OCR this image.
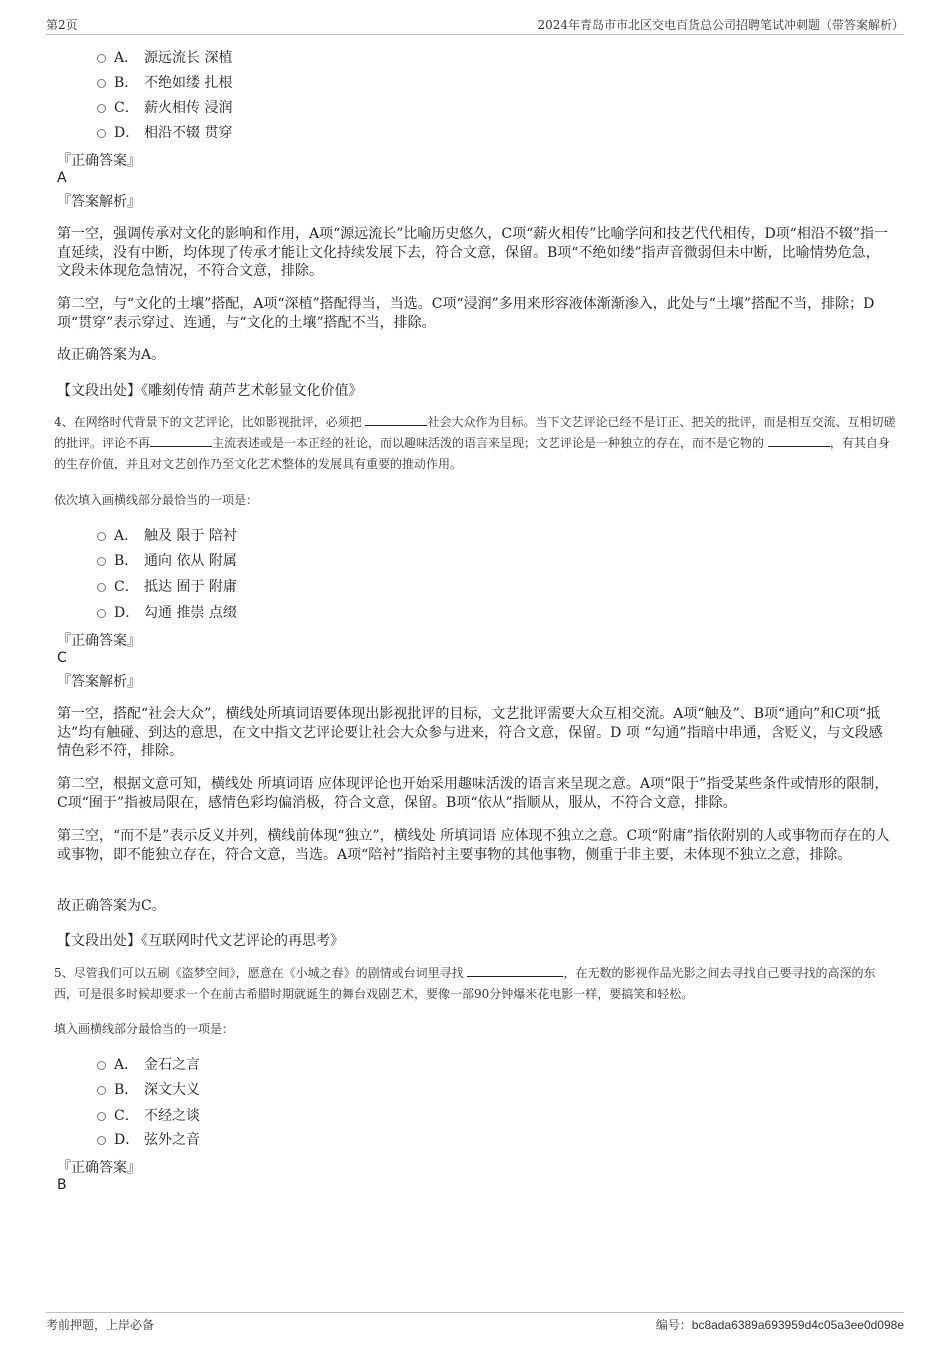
第2页	2024年青岛市市北区交电百货总公司招聘笔试冲刺题（带答案解析）
A． 源远流长 深植
B． 不绝如缕 扎根
C． 薪火相传 浸润
D． 相沿不辍 贯穿
『正确答案』
A
『答案解析』
第一空，强调传承对文化的影响和作用，A项“源远流长”比喻历史悠久，C项“薪火相传”比喻学问和技艺代代相传，D项“相沿不辍”指一直延续，没有中断，均体现了传承才能让文化持续发展下去，符合文意，保留。B项“不绝如缕”指声音微弱但未中断，比喻情势危急，文段未体现危急情况，不符合文意，排除。
第二空，与“文化的土壤”搭配，A项“深植”搭配得当，当选。C项“浸润”多用来形容液体渐渐渗入，此处与“土壤”搭配不当，排除；D项“贯穿”表示穿过、连通，与“文化的土壤”搭配不当，排除。
故正确答案为A。
【文段出处】《雕刻传情 葫芦艺术彰显文化价值》
4、在网络时代背景下的文艺评论，比如影视批评，必须把	社会大众作为目标。当下文艺评论已经不是订正、把关的批评，而是相互交流、互相切磋的批评。评论不再	主流表述或是一本正经的社论，而以趣味活泼的语言来呈现；文艺评论是一种独立的存在，而不是它物的	，有其自身的生存价值，并且对文艺创作乃至文化艺术整体的发展具有重要的推动作用。
依次填入画横线部分最恰当的一项是：
A． 触及 限于 陪衬
B． 通向 依从 附属
C． 抵达 囿于 附庸
D． 勾通 推崇 点缀
『正确答案』
C
『答案解析』
第一空，搭配“社会大众”，横线处所填词语要体现出影视批评的目标，文艺批评需要大众互相交流。A项“触及”、B项“通向”和C项“抵达”均有触碰、到达的意思，在文中指文艺评论要让社会大众参与进来，符合文意，保留。D 项 “勾通”指暗中串通，含贬义，与文段感情色彩不符，排除。
第二空，根据文意可知，横线处 所填词语 应体现评论也开始采用趣味活泼的语言来呈现之意。A项“限于”指受某些条件或情形的限制，C项“囿于”指被局限在，感情色彩均偏消极，符合文意，保留。B项“依从”指顺从，服从，不符合文意，排除。
第三空，“而不是”表示反义并列，横线前体现“独立”，横线处 所填词语 应体现不独立之意。C项“附庸”指依附别的人或事物而存在的人或事物，即不能独立存在，符合文意，当选。A项“陪衬”指陪衬主要事物的其他事物，侧重于非主要，未体现不独立之意，排除。
故正确答案为C。
【文段出处】《互联网时代文艺评论的再思考》
5、尽管我们可以五刷《盗梦空间》，愿意在《小城之春》的剧情或台词里寻找	，在无数的影视作品光影之间去寻找自己要寻找的高深的东西，可是很多时候却要求一个在前古希腊时期就诞生的舞台戏剧艺术，要像一部90分钟爆米花电影一样，要搞笑和轻松。
填入画横线部分最恰当的一项是：
A． 金石之言
B． 深文大义
C． 不经之谈
D． 弦外之音
『正确答案』
B
考前押题，上岸必备	编号：bc8ada6389a693959d4c05a3ee0d098e
